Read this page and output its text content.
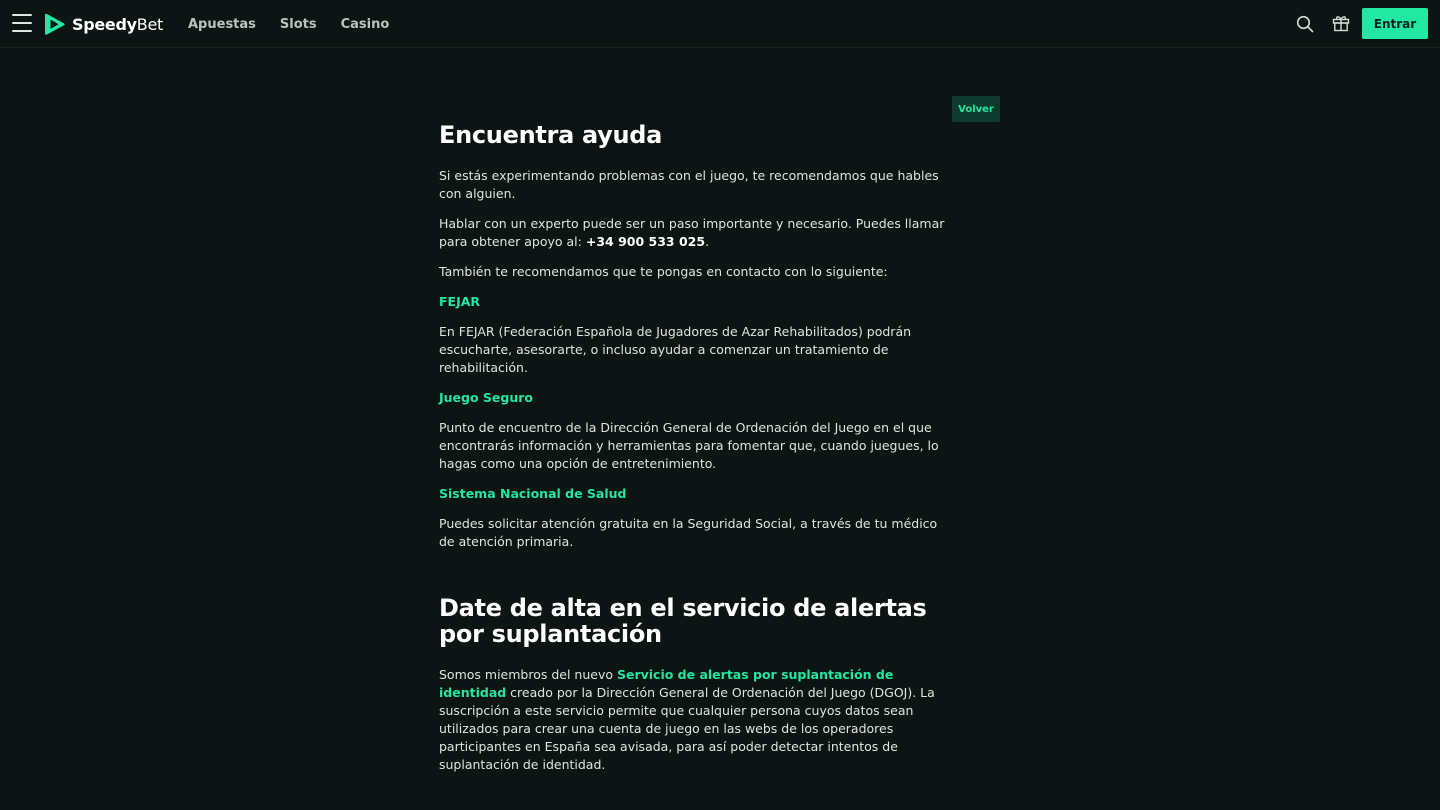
SpeedyBet Apuestas Slots Casino	Entrar
Volver
Encuentra ayuda

Si estás experimentando problemas con el juego, te recomendamos que hables con alguien.

Hablar con un experto puede ser un paso importante y necesario. Puedes llamar para obtener apoyo al: +34 900 533 025.

También te recomendamos que te pongas en contacto con lo siguiente:

FEJAR

En FEJAR (Federación Española de Jugadores de Azar Rehabilitados) podrán escucharte, asesorarte, o incluso ayudar a comenzar un tratamiento de rehabilitación.

Juego Seguro

Punto de encuentro de la Dirección General de Ordenación del Juego en el que encontrarás información y herramientas para fomentar que, cuando juegues, lo hagas como una opción de entretenimiento.

Sistema Nacional de Salud

Puedes solicitar atención gratuita en la Seguridad Social, a través de tu médico de atención primaria.

Date de alta en el servicio de alertas por suplantación

Somos miembros del nuevo Servicio de alertas por suplantación de identidad creado por la Dirección General de Ordenación del Juego (DGOJ). La suscripción a este servicio permite que cualquier persona cuyos datos sean utilizados para crear una cuenta de juego en las webs de los operadores participantes en España sea avisada, para así poder detectar intentos de suplantación de identidad.
